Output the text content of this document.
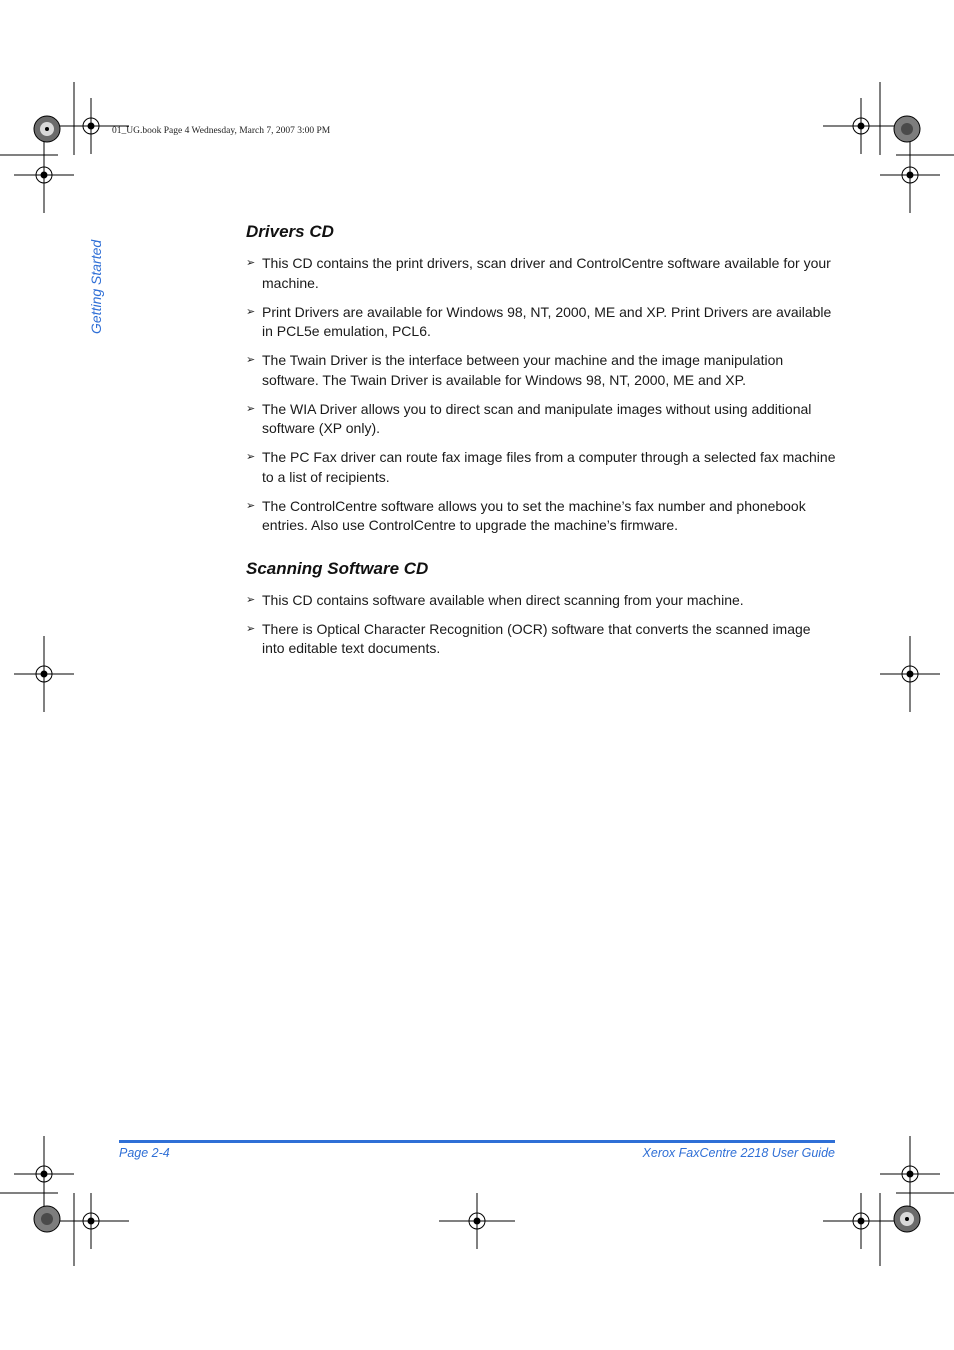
01_UG.book Page 4 Wednesday, March 7, 2007 3:00 PM
Getting Started
Drivers CD
➢ This CD contains the print drivers, scan driver and ControlCentre software available for your machine.
➢ Print Drivers are available for Windows 98, NT, 2000, ME and XP. Print Drivers are available in PCL5e emulation, PCL6.
➢ The Twain Driver is the interface between your machine and the image manipulation software. The Twain Driver is available for Windows 98, NT, 2000, ME and XP.
➢ The WIA Driver allows you to direct scan and manipulate images without using additional software (XP only).
➢ The PC Fax driver can route fax image files from a computer through a selected fax machine to a list of recipients.
➢ The ControlCentre software allows you to set the machine’s fax number and phonebook entries. Also use ControlCentre to upgrade the machine’s firmware.
Scanning Software CD
➢ This CD contains software available when direct scanning from your machine.
➢ There is Optical Character Recognition (OCR) software that converts the scanned image into editable text documents.
Page 2-4	Xerox FaxCentre 2218 User Guide
